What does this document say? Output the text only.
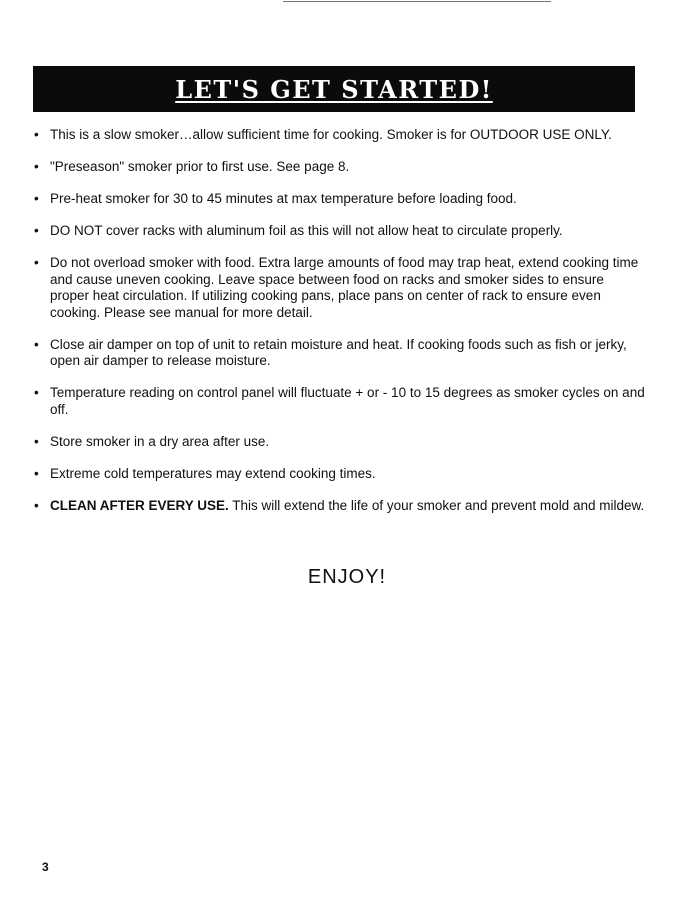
LET'S GET STARTED!
• This is a slow smoker…allow sufficient time for cooking. Smoker is for OUTDOOR USE ONLY.
• "Preseason" smoker prior to first use. See page 8.
• Pre-heat smoker for 30 to 45 minutes at max temperature before loading food.
• DO NOT cover racks with aluminum foil as this will not allow heat to circulate properly.
• Do not overload smoker with food. Extra large amounts of food may trap heat, extend cooking time and cause uneven cooking. Leave space between food on racks and smoker sides to ensure proper heat circulation. If utilizing cooking pans, place pans on center of rack to ensure even cooking. Please see manual for more detail.
• Close air damper on top of unit to retain moisture and heat. If cooking foods such as fish or jerky, open air damper to release moisture.
• Temperature reading on control panel will fluctuate + or - 10 to 15 degrees as smoker cycles on and off.
• Store smoker in a dry area after use.
• Extreme cold temperatures may extend cooking times.
• CLEAN AFTER EVERY USE. This will extend the life of your smoker and prevent mold and mildew.
ENJOY!
3
